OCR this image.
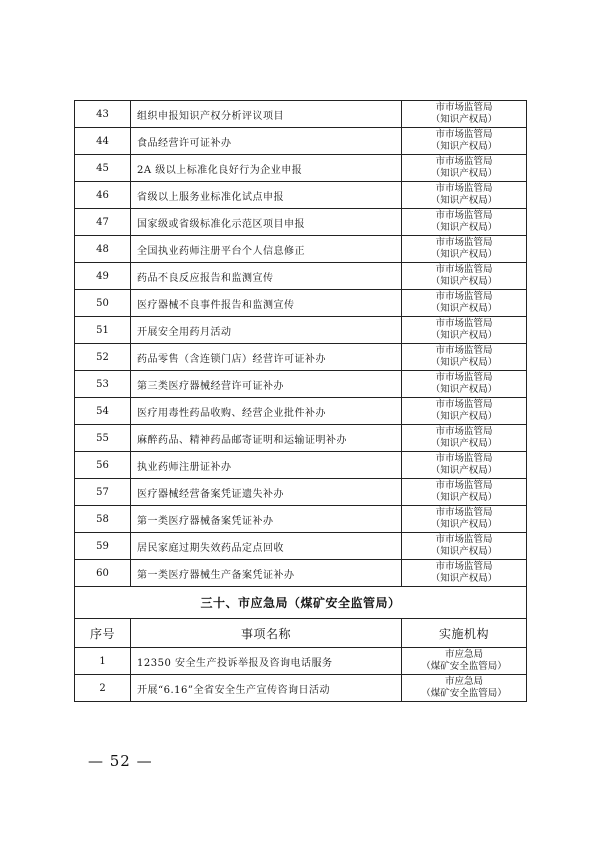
43	组织申报知识产权分析评议项目	市市场监管局
（知识产权局）

44	食品经营许可证补办	市市场监管局
（知识产权局）

45	2A 级以上标准化良好行为企业申报	市市场监管局
（知识产权局）

46	省级以上服务业标准化试点申报	市市场监管局
（知识产权局）

47	国家级或省级标准化示范区项目申报	市市场监管局
（知识产权局）

48	全国执业药师注册平台个人信息修正	市市场监管局
（知识产权局）

49	药品不良反应报告和监测宣传	市市场监管局
（知识产权局）

50	医疗器械不良事件报告和监测宣传	市市场监管局
（知识产权局）

51	开展安全用药月活动	市市场监管局
（知识产权局）

52	药品零售（含连锁门店）经营许可证补办	市市场监管局
（知识产权局）

53	第三类医疗器械经营许可证补办	市市场监管局
（知识产权局）

54	医疗用毒性药品收购、经营企业批件补办	市市场监管局
（知识产权局）

55	麻醉药品、精神药品邮寄证明和运输证明补办	市市场监管局
（知识产权局）

56	执业药师注册证补办	市市场监管局
（知识产权局）

57	医疗器械经营备案凭证遗失补办	市市场监管局
（知识产权局）

58	第一类医疗器械备案凭证补办	市市场监管局
（知识产权局）

59	居民家庭过期失效药品定点回收	市市场监管局
（知识产权局）

60	第一类医疗器械生产备案凭证补办	市市场监管局
（知识产权局）

三十、市应急局（煤矿安全监管局）		
序号	事项名称	实施机构
1	12350 安全生产投诉举报及咨询电话服务	市应急局
（煤矿安全监管局）

2	开展“6.16”全省安全生产宣传咨询日活动	市应急局
（煤矿安全监管局）
— 52 —
